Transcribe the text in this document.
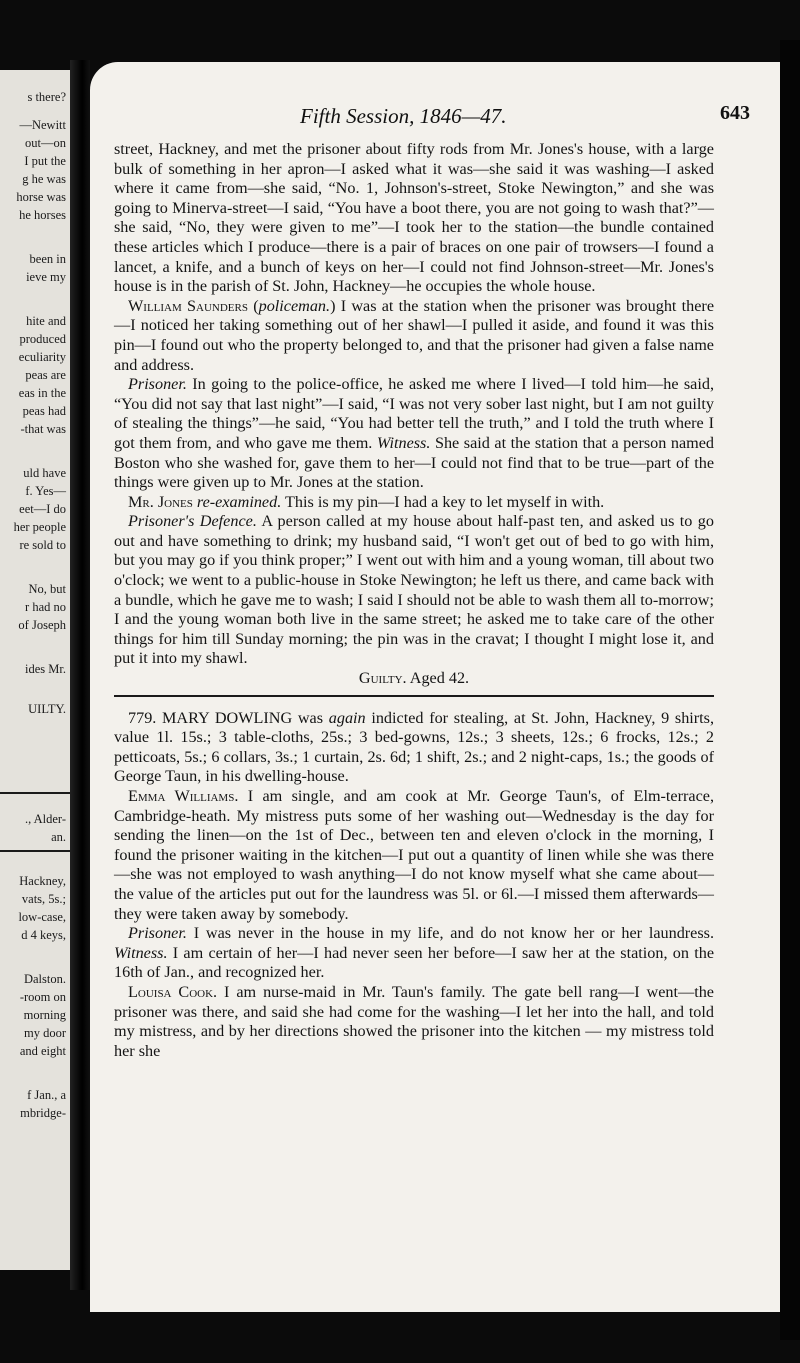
s there?
—Newitt
out—on
I put the
g he was
horse was
he horses
been in
ieve my
hite and
produced
eculiarity
peas are
eas in the
peas had
-that was
uld have
f. Yes—
eet—I do
her people
re sold to
No, but
r had no
of Joseph
ides Mr.
UILTY.
., Alder-
an.
Hackney,
vats, 5s.;
low-case,
d 4 keys,
Dalston.
-room on
morning
my door
and eight
f Jan., a
mbridge-
Fifth Session, 1846—47.	643

street, Hackney, and met the prisoner about fifty rods from Mr. Jones's house, with a large bulk of something in her apron—I asked what it was—she said it was washing—I asked where it came from—she said, “No. 1, Johnson's-street, Stoke Newington,” and she was going to Minerva-street—I said, “You have a boot there, you are not going to wash that?”—she said, “No, they were given to me”—I took her to the station—the bundle contained these articles which I produce—there is a pair of braces on one pair of trowsers—I found a lancet, a knife, and a bunch of keys on her—I could not find Johnson-street—Mr. Jones's house is in the parish of St. John, Hackney—he occupies the whole house.

William Saunders (policeman.) I was at the station when the prisoner was brought there—I noticed her taking something out of her shawl—I pulled it aside, and found it was this pin—I found out who the property belonged to, and that the prisoner had given a false name and address.

Prisoner. In going to the police-office, he asked me where I lived—I told him—he said, “You did not say that last night”—I said, “I was not very sober last night, but I am not guilty of stealing the things”—he said, “You had better tell the truth,” and I told the truth where I got them from, and who gave me them. Witness. She said at the station that a person named Boston who she washed for, gave them to her—I could not find that to be true—part of the things were given up to Mr. Jones at the station.

Mr. Jones re-examined. This is my pin—I had a key to let myself in with.

Prisoner's Defence. A person called at my house about half-past ten, and asked us to go out and have something to drink; my husband said, “I won't get out of bed to go with him, but you may go if you think proper;” I went out with him and a young woman, till about two o'clock; we went to a public-house in Stoke Newington; he left us there, and came back with a bundle, which he gave me to wash; I said I should not be able to wash them all to-morrow; I and the young woman both live in the same street; he asked me to take care of the other things for him till Sunday morning; the pin was in the cravat; I thought I might lose it, and put it into my shawl.

Guilty. Aged 42.

779. MARY DOWLING was again indicted for stealing, at St. John, Hackney, 9 shirts, value 1l. 15s.; 3 table-cloths, 25s.; 3 bed-gowns, 12s.; 3 sheets, 12s.; 6 frocks, 12s.; 2 petticoats, 5s.; 6 collars, 3s.; 1 curtain, 2s. 6d; 1 shift, 2s.; and 2 night-caps, 1s.; the goods of George Taun, in his dwelling-house.

Emma Williams. I am single, and am cook at Mr. George Taun's, of Elm-terrace, Cambridge-heath. My mistress puts some of her washing out—Wednesday is the day for sending the linen—on the 1st of Dec., between ten and eleven o'clock in the morning, I found the prisoner waiting in the kitchen—I put out a quantity of linen while she was there—she was not employed to wash anything—I do not know myself what she came about—the value of the articles put out for the laundress was 5l. or 6l.—I missed them afterwards—they were taken away by somebody.

Prisoner. I was never in the house in my life, and do not know her or her laundress. Witness. I am certain of her—I had never seen her before—I saw her at the station, on the 16th of Jan., and recognized her.

Louisa Cook. I am nurse-maid in Mr. Taun's family. The gate bell rang—I went—the prisoner was there, and said she had come for the washing—I let her into the hall, and told my mistress, and by her directions showed the prisoner into the kitchen — my mistress told her she
